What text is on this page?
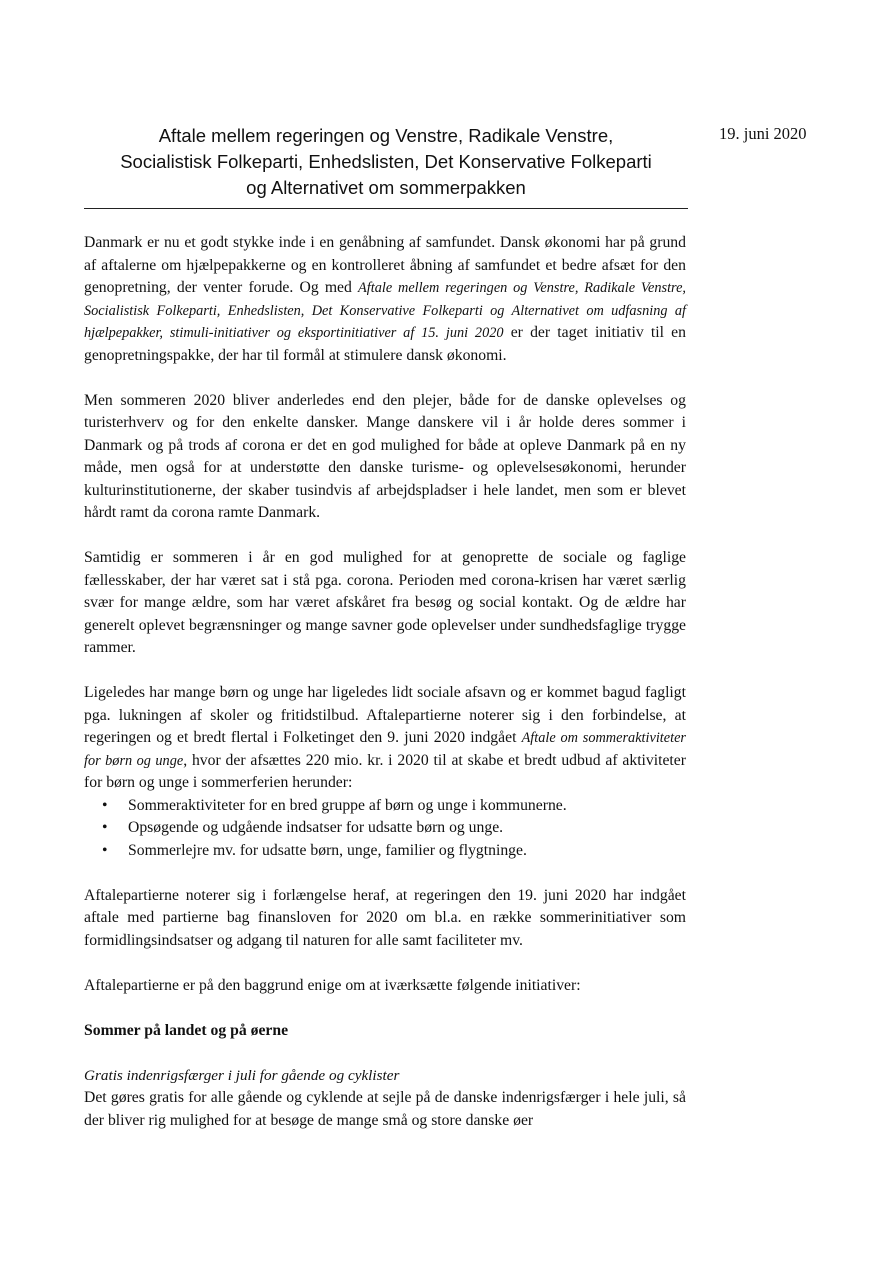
19. juni 2020
Aftale mellem regeringen og Venstre, Radikale Venstre,
Socialistisk Folkeparti, Enhedslisten, Det Konservative Folkeparti
og Alternativet om sommerpakken

Danmark er nu et godt stykke inde i en genåbning af samfundet. Dansk økonomi har på grund af aftalerne om hjælpepakkerne og en kontrolleret åbning af samfundet et bedre afsæt for den genopretning, der venter forude. Og med Aftale mellem regeringen og Venstre, Radikale Venstre, Socialistisk Folkeparti, Enhedslisten, Det Konservative Folkeparti og Alternativet om udfasning af hjælpepakker, stimuli-initiativer og eksportinitiativer af 15. juni 2020 er der taget initiativ til en genopretningspakke, der har til formål at stimulere dansk økonomi.

Men sommeren 2020 bliver anderledes end den plejer, både for de danske oplevelses og turisterhverv og for den enkelte dansker. Mange danskere vil i år holde deres sommer i Danmark og på trods af corona er det en god mulighed for både at opleve Danmark på en ny måde, men også for at understøtte den danske turisme- og oplevelsesøkonomi, herunder kulturinstitutionerne, der skaber tusindvis af arbejdspladser i hele landet, men som er blevet hårdt ramt da corona ramte Danmark.

Samtidig er sommeren i år en god mulighed for at genoprette de sociale og faglige fællesskaber, der har været sat i stå pga. corona. Perioden med corona-krisen har været særlig svær for mange ældre, som har været afskåret fra besøg og social kontakt. Og de ældre har generelt oplevet begrænsninger og mange savner gode oplevelser under sundhedsfaglige trygge rammer.

Ligeledes har mange børn og unge har ligeledes lidt sociale afsavn og er kommet bagud fagligt pga. lukningen af skoler og fritidstilbud. Aftalepartierne noterer sig i den forbindelse, at regeringen og et bredt flertal i Folketinget den 9. juni 2020 indgået Aftale om sommeraktiviteter for børn og unge, hvor der afsættes 220 mio. kr. i 2020 til at skabe et bredt udbud af aktiviteter for børn og unge i sommerferien herunder:

• Sommeraktiviteter for en bred gruppe af børn og unge i kommunerne.
• Opsøgende og udgående indsatser for udsatte børn og unge.
• Sommerlejre mv. for udsatte børn, unge, familier og flygtninge.

Aftalepartierne noterer sig i forlængelse heraf, at regeringen den 19. juni 2020 har indgået aftale med partierne bag finansloven for 2020 om bl.a. en række sommerinitiativer som formidlingsindsatser og adgang til naturen for alle samt faciliteter mv.

Aftalepartierne er på den baggrund enige om at iværksætte følgende initiativer:

Sommer på landet og på øerne
Gratis indenrigsfærger i juli for gående og cyklister

Det gøres gratis for alle gående og cyklende at sejle på de danske indenrigsfærger i hele juli, så der bliver rig mulighed for at besøge de mange små og store danske øer
